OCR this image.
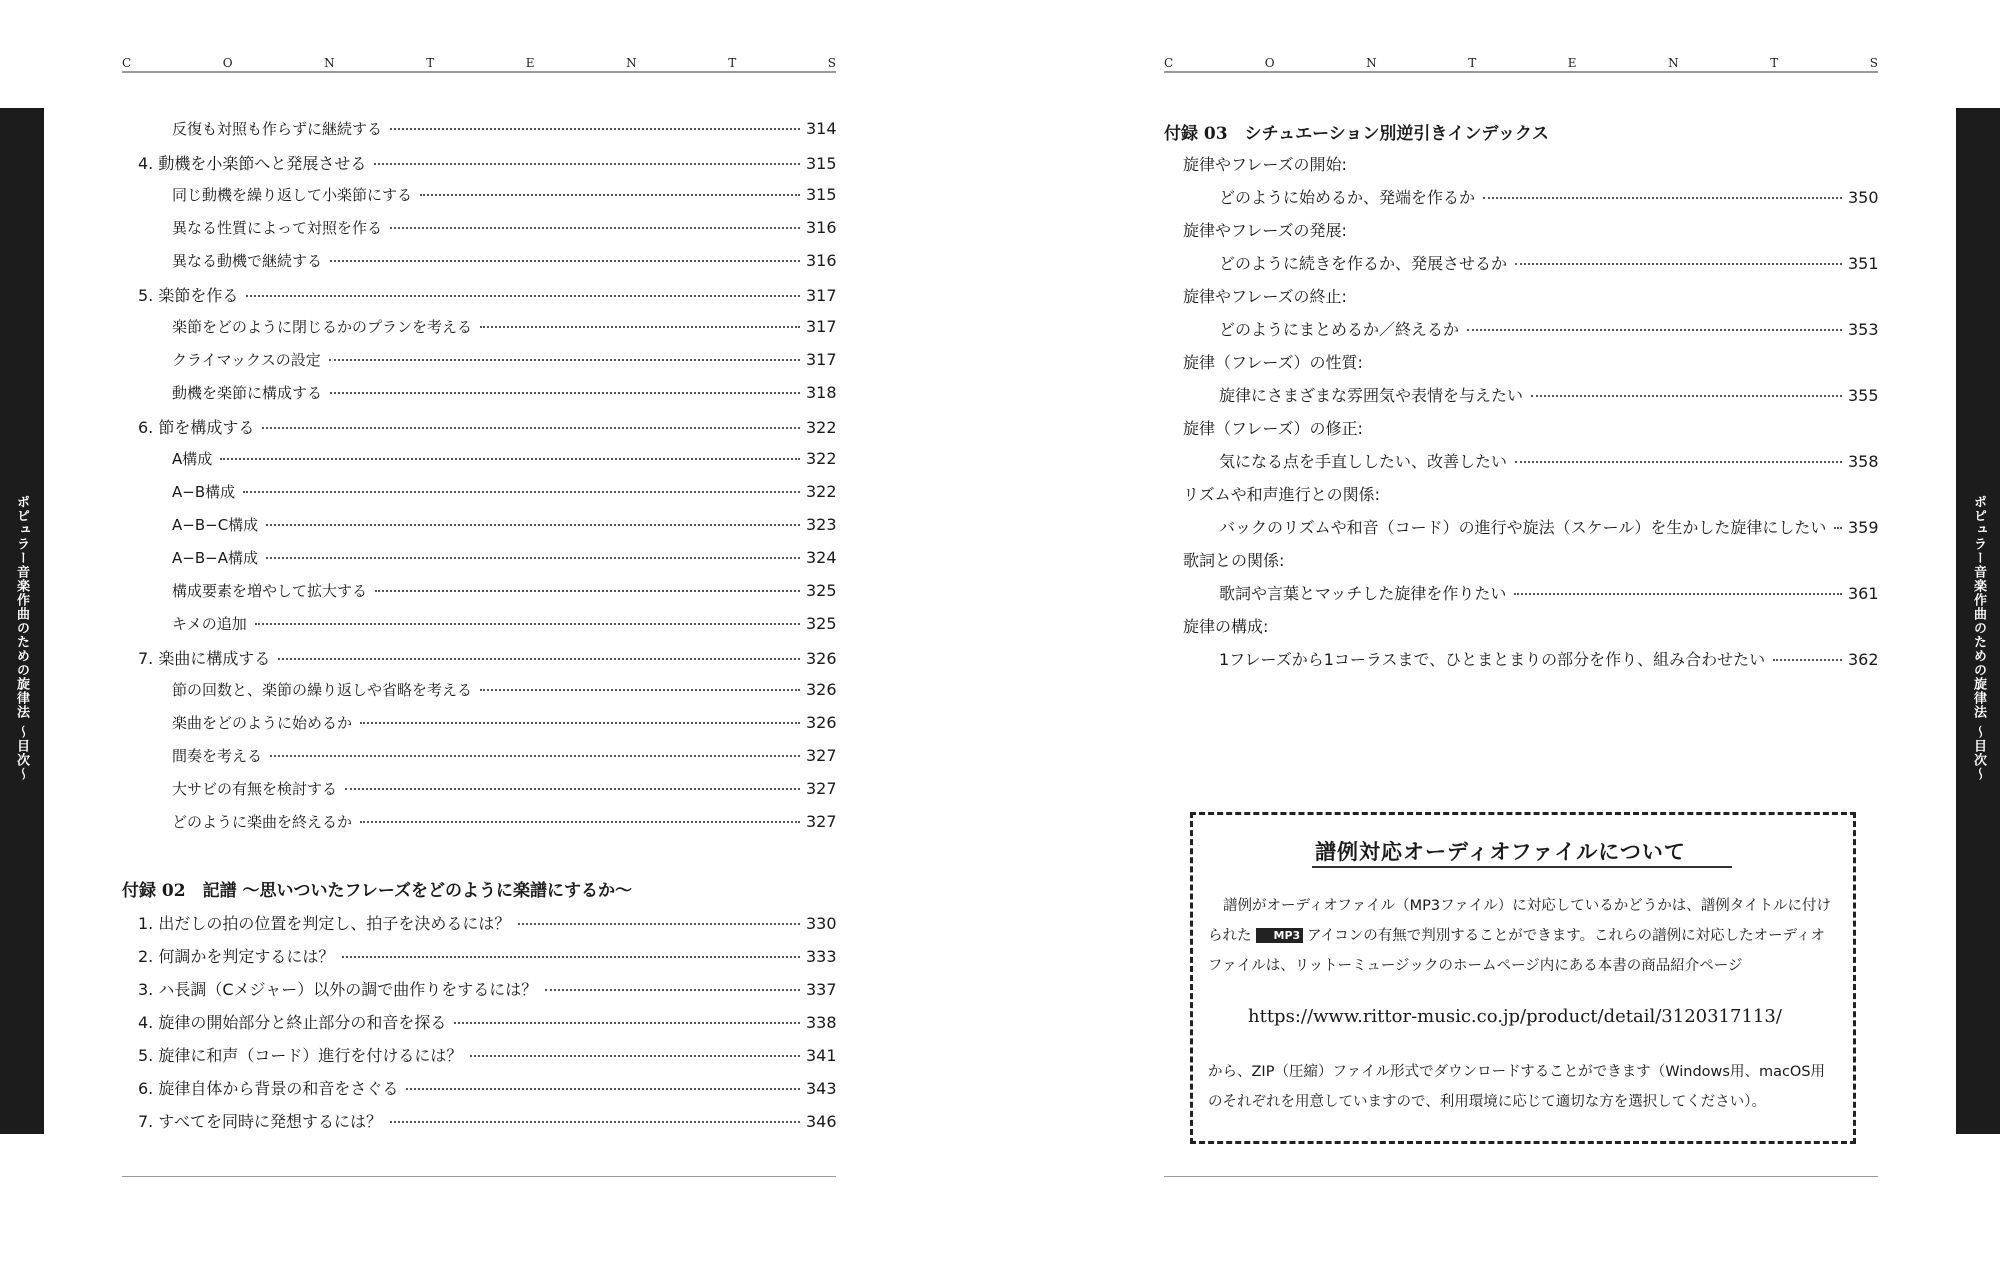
C	O	N	T	E	N	T	S	C	O	N	T	E	N	T	S
ポピュラー音楽作曲のための旋律法〜目次〜
ポピュラー音楽作曲のための旋律法〜目次〜
反復も対照も作らずに継続する	314
4. 動機を小楽節へと発展させる	315
同じ動機を繰り返して小楽節にする	315
異なる性質によって対照を作る	316
異なる動機で継続する	316
5. 楽節を作る	317
楽節をどのように閉じるかのプランを考える	317
クライマックスの設定	317
動機を楽節に構成する	318
6. 節を構成する	322
A構成	322
A−B構成	322
A−B−C構成	323
A−B−A構成	324
構成要素を増やして拡大する	325
キメの追加	325
7. 楽曲に構成する	326
節の回数と、楽節の繰り返しや省略を考える	326
楽曲をどのように始めるか	326
間奏を考える	327
大サビの有無を検討する	327
どのように楽曲を終えるか	327
付録 02　記譜 〜思いついたフレーズをどのように楽譜にするか〜
1. 出だしの拍の位置を判定し、拍子を決めるには？	330
2. 何調かを判定するには？	333
3. ハ長調（Cメジャー）以外の調で曲作りをするには？	337
4. 旋律の開始部分と終止部分の和音を探る	338
5. 旋律に和声（コード）進行を付けるには？	341
6. 旋律自体から背景の和音をさぐる	343
7. すべてを同時に発想するには？	346
付録 03　シチュエーション別逆引きインデックス
旋律やフレーズの開始:
どのように始めるか、発端を作るか	350
旋律やフレーズの発展:
どのように続きを作るか、発展させるか	351
旋律やフレーズの終止:
どのようにまとめるか／終えるか	353
旋律（フレーズ）の性質:
旋律にさまざまな雰囲気や表情を与えたい	355
旋律（フレーズ）の修正:
気になる点を手直ししたい、改善したい	358
リズムや和声進行との関係:
バックのリズムや和音（コード）の進行や旋法（スケール）を生かした旋律にしたい 359
歌詞との関係:
歌詞や言葉とマッチした旋律を作りたい	361
旋律の構成:
1フレーズから1コーラスまで、ひとまとまりの部分を作り、組み合わせたい	362
譜例対応オーディオファイルについて
譜例がオーディオファイル（MP3ファイル）に対応しているかどうかは、譜例タイトルに付けられた MP3 アイコンの有無で判別することができます。これらの譜例に対応したオーディオファイルは、リットーミュージックのホームページ内にある本書の商品紹介ページ
https://www.rittor-music.co.jp/product/detail/3120317113/
から、ZIP（圧縮）ファイル形式でダウンロードすることができます（Windows用、macOS用のそれぞれを用意していますので、利用環境に応じて適切な方を選択してください）。
